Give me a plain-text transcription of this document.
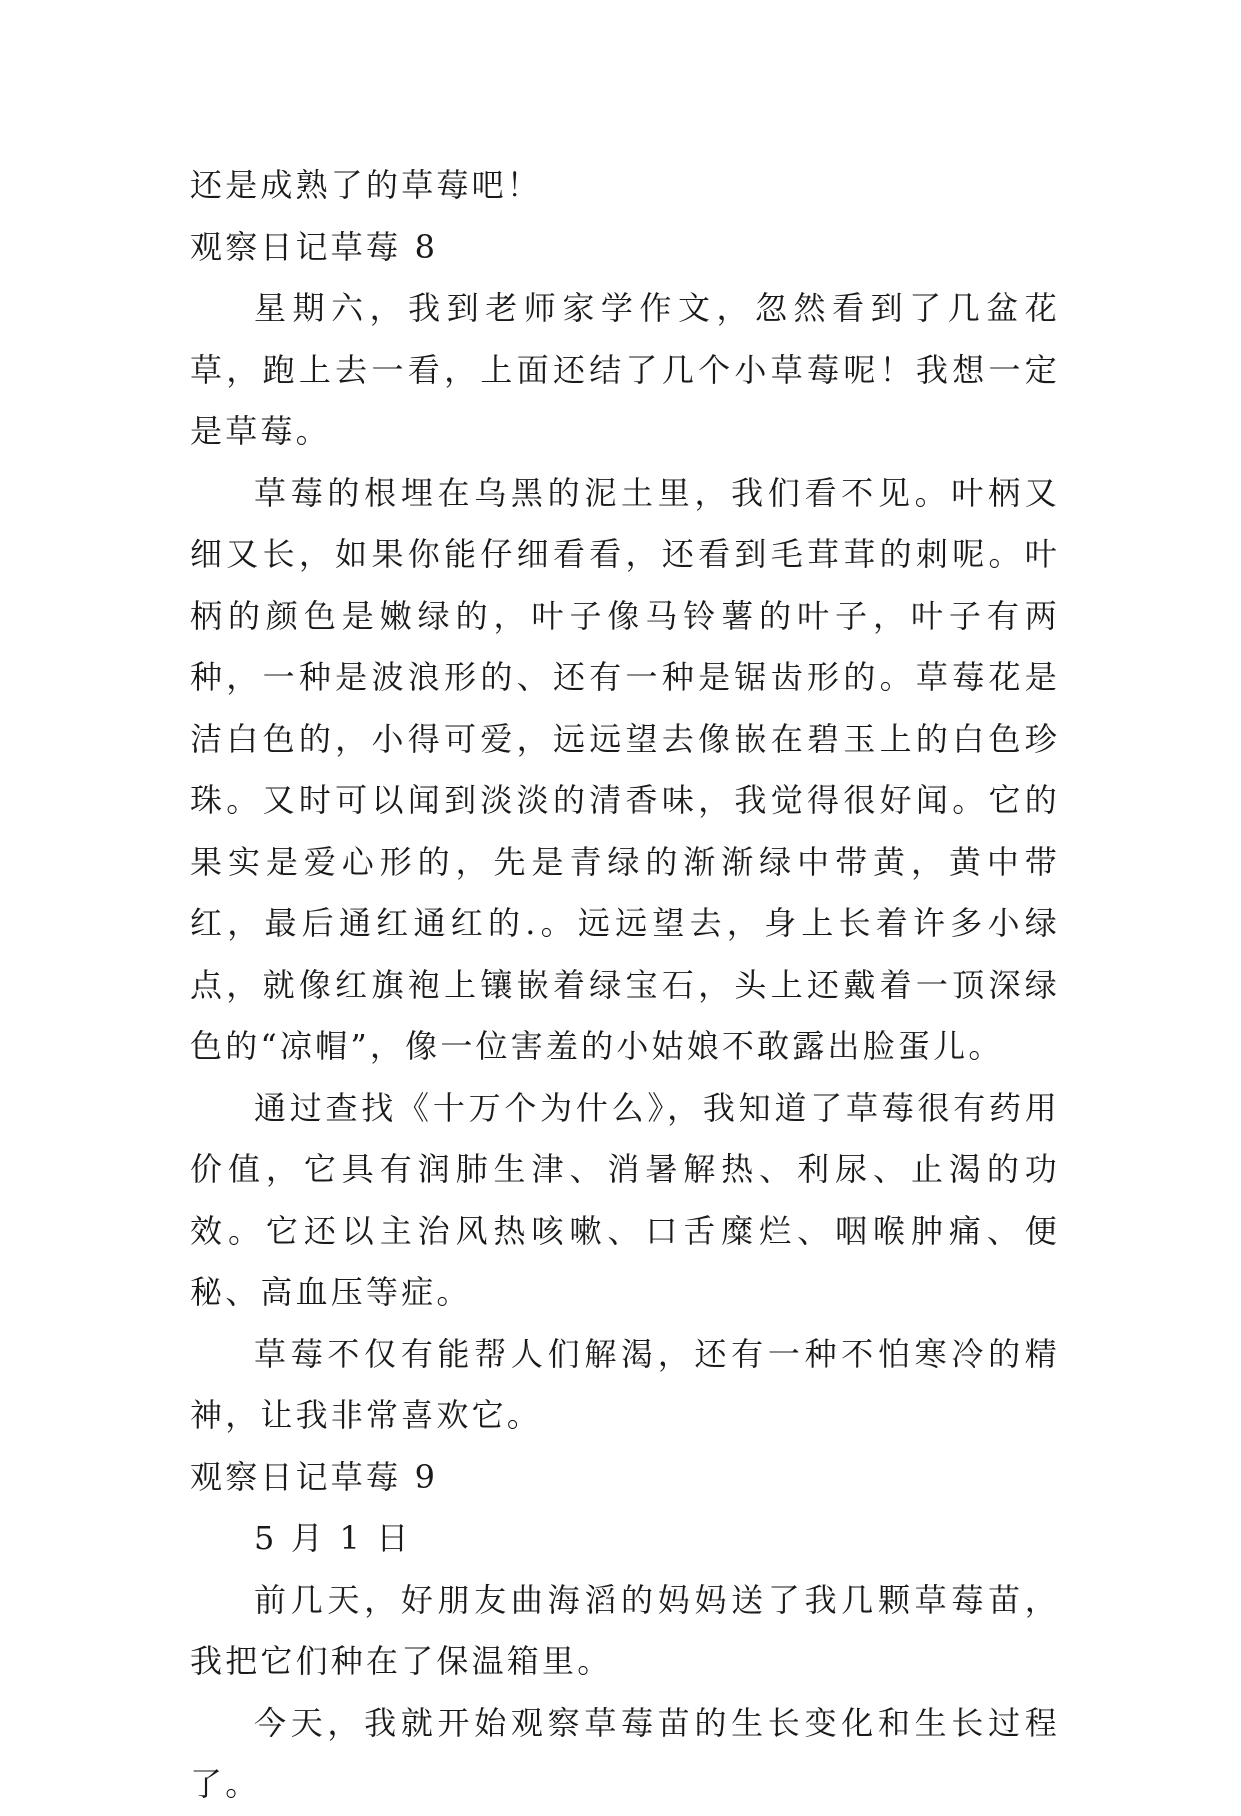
还是成熟了的草莓吧！

观察日记草莓 8

星期六，我到老师家学作文，忽然看到了几盆花草，跑上去一看，上面还结了几个小草莓呢！我想一定是草莓。

草莓的根埋在乌黑的泥土里，我们看不见。叶柄又细又长，如果你能仔细看看，还看到毛茸茸的刺呢。叶柄的颜色是嫩绿的，叶子像马铃薯的叶子，叶子有两种，一种是波浪形的、还有一种是锯齿形的。草莓花是洁白色的，小得可爱，远远望去像嵌在碧玉上的白色珍珠。又时可以闻到淡淡的清香味，我觉得很好闻。它的果实是爱心形的，先是青绿的渐渐绿中带黄，黄中带红，最后通红通红的.。远远望去，身上长着许多小绿点，就像红旗袍上镶嵌着绿宝石，头上还戴着一顶深绿色的“凉帽”，像一位害羞的小姑娘不敢露出脸蛋儿。

通过查找《十万个为什么》，我知道了草莓很有药用价值，它具有润肺生津、消暑解热、利尿、止渴的功效。它还以主治风热咳嗽、口舌糜烂、咽喉肿痛、便秘、高血压等症。

草莓不仅有能帮人们解渴，还有一种不怕寒冷的精神，让我非常喜欢它。

观察日记草莓 9

5 月 1 日

前几天，好朋友曲海滔的妈妈送了我几颗草莓苗，我把它们种在了保温箱里。

今天，我就开始观察草莓苗的生长变化和生长过程了。
